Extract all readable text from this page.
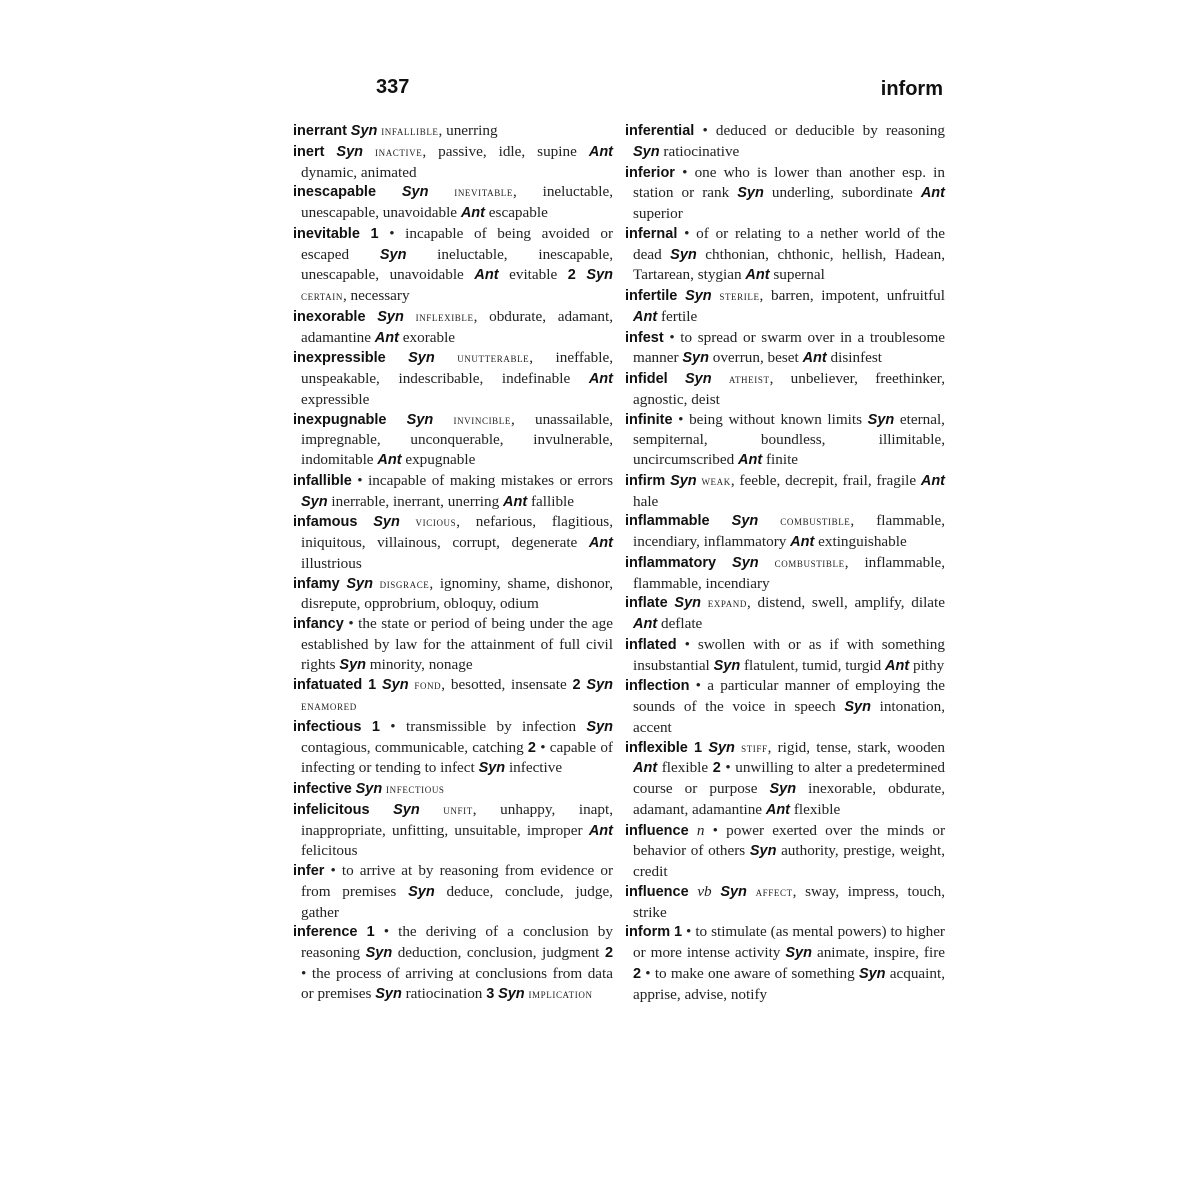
337	inform

inerrant Syn infallible, unerring

inert Syn inactive, passive, idle, supine Ant dynamic, animated

inescapable Syn inevitable, ineluctable, unescapable, unavoidable Ant escapable

inevitable 1 • incapable of being avoided or escaped Syn ineluctable, inescapable, unescapable, unavoidable Ant evitable 2 Syn certain, necessary

inexorable Syn inflexible, obdurate, adamant, adamantine Ant exorable

inexpressible Syn unutterable, ineffable, unspeakable, indescribable, indefinable Ant expressible

inexpugnable Syn invincible, unassailable, impregnable, unconquerable, invulnerable, indomitable Ant expugnable

infallible • incapable of making mistakes or errors Syn inerrable, inerrant, unerring Ant fallible

infamous Syn vicious, nefarious, flagitious, iniquitous, villainous, corrupt, degenerate Ant illustrious

infamy Syn disgrace, ignominy, shame, dishonor, disrepute, opprobrium, obloquy, odium

infancy • the state or period of being under the age established by law for the attainment of full civil rights Syn minority, nonage

infatuated 1 Syn fond, besotted, insensate 2 Syn enamored

infectious 1 • transmissible by infection Syn contagious, communicable, catching 2 • capable of infecting or tending to infect Syn infective

infective Syn infectious

infelicitous Syn unfit, unhappy, inapt, inappropriate, unfitting, unsuitable, improper Ant felicitous

infer • to arrive at by reasoning from evidence or from premises Syn deduce, conclude, judge, gather

inference 1 • the deriving of a conclusion by reasoning Syn deduction, conclusion, judgment 2 • the process of arriving at conclusions from data or premises Syn ratiocination 3 Syn implication

inferential • deduced or deducible by reasoning Syn ratiocinative

inferior • one who is lower than another esp. in station or rank Syn underling, subordinate Ant superior

infernal • of or relating to a nether world of the dead Syn chthonian, chthonic, hellish, Hadean, Tartarean, stygian Ant supernal

infertile Syn sterile, barren, impotent, unfruitful Ant fertile

infest • to spread or swarm over in a troublesome manner Syn overrun, beset Ant disinfest

infidel Syn atheist, unbeliever, freethinker, agnostic, deist

infinite • being without known limits Syn eternal, sempiternal, boundless, illimitable, uncircumscribed Ant finite

infirm Syn weak, feeble, decrepit, frail, fragile Ant hale

inflammable Syn combustible, flammable, incendiary, inflammatory Ant extinguishable

inflammatory Syn combustible, inflammable, flammable, incendiary

inflate Syn expand, distend, swell, amplify, dilate Ant deflate

inflated • swollen with or as if with something insubstantial Syn flatulent, tumid, turgid Ant pithy

inflection • a particular manner of employing the sounds of the voice in speech Syn intonation, accent

inflexible 1 Syn stiff, rigid, tense, stark, wooden Ant flexible 2 • unwilling to alter a predetermined course or purpose Syn inexorable, obdurate, adamant, adamantine Ant flexible

influence n • power exerted over the minds or behavior of others Syn authority, prestige, weight, credit

influence vb Syn affect, sway, impress, touch, strike

inform 1 • to stimulate (as mental powers) to higher or more intense activity Syn animate, inspire, fire 2 • to make one aware of something Syn acquaint, apprise, advise, notify
